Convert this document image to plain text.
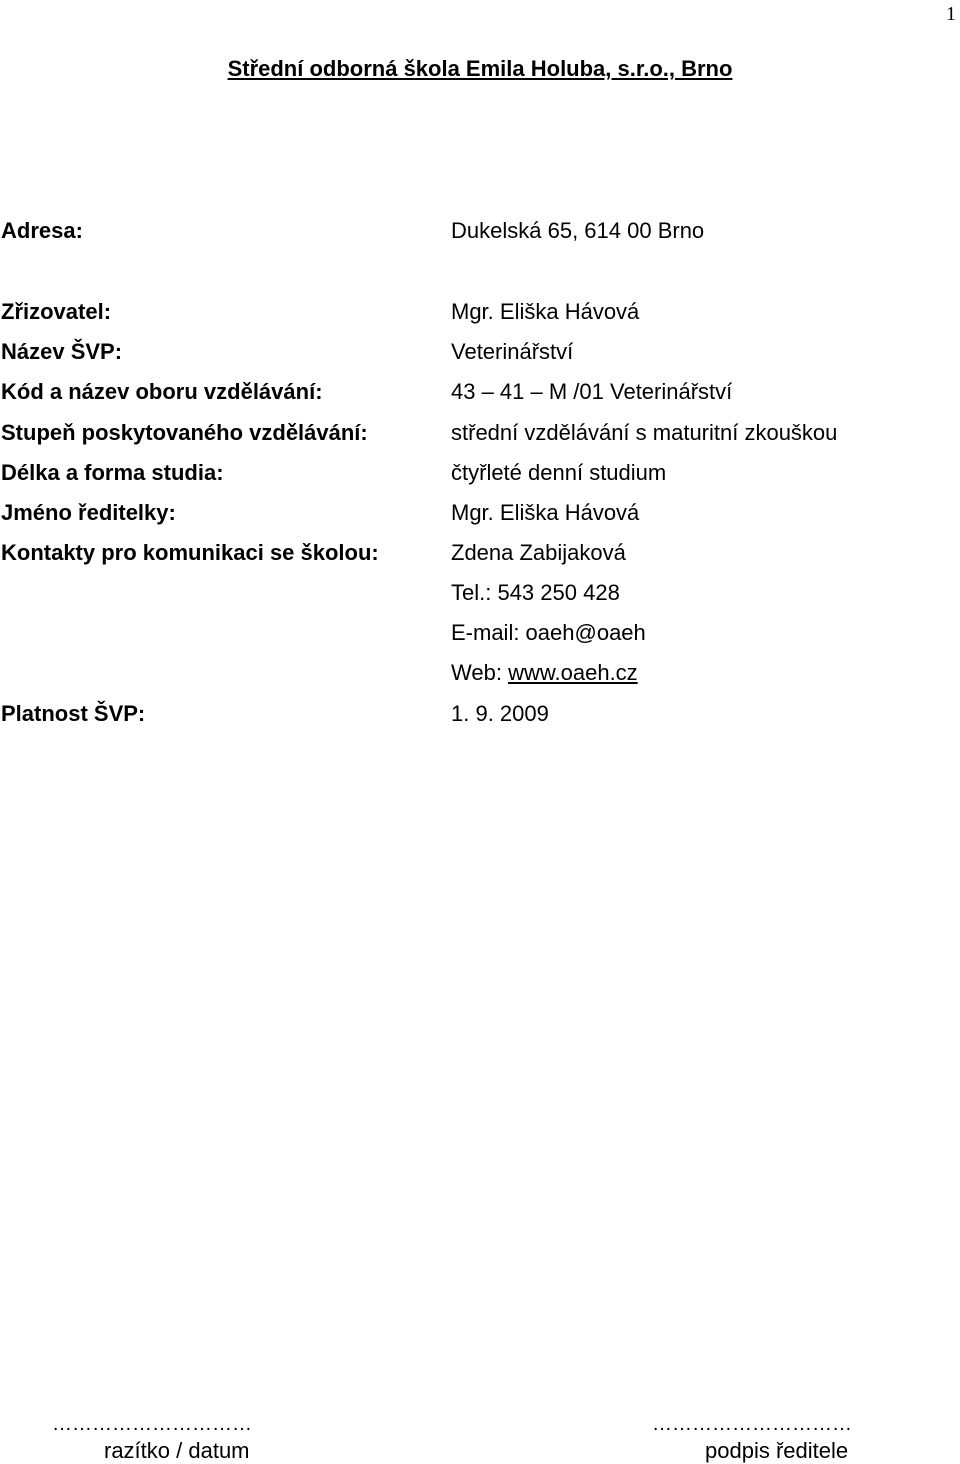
1
Střední odborná škola Emila Holuba, s.r.o., Brno
Adresa:	Dukelská 65, 614 00 Brno
Zřizovatel:	Mgr. Eliška Hávová
Název ŠVP:	Veterinářství
Kód a název oboru vzdělávání:	43 – 41 – M /01 Veterinářství
Stupeň poskytovaného vzdělávání:	střední vzdělávání s maturitní zkouškou
Délka a forma studia:	čtyřleté denní studium
Jméno ředitelky:	Mgr. Eliška Hávová
Kontakty pro komunikaci se školou:	Zdena Zabijaková
Tel.: 543 250 428
E-mail: oaeh@oaeh
Web: www.oaeh.cz
Platnost ŠVP:	1. 9. 2009
…………………………
razítko / datum
…………………………
podpis ředitele
